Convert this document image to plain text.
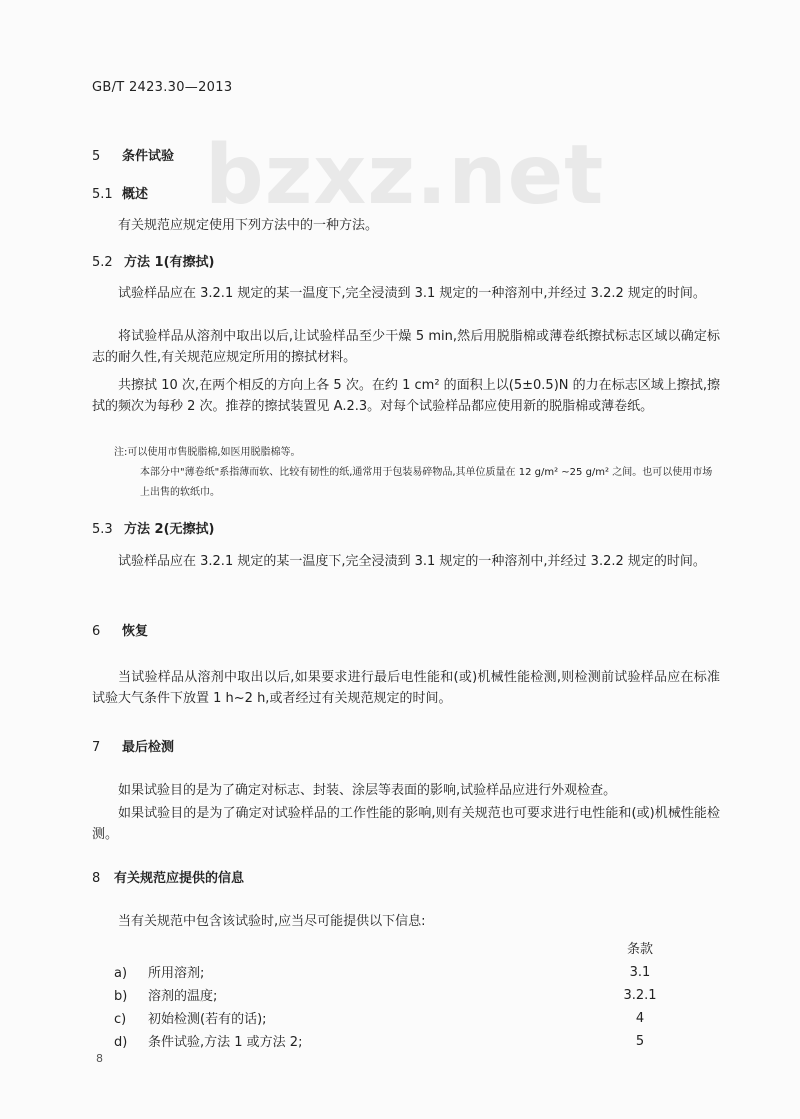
GB/T 2423.30—2013
bzxz.net
5 条件试验
5.1 概述
有关规范应规定使用下列方法中的一种方法。
5.2 方法 1(有擦拭)
试验样品应在 3.2.1 规定的某一温度下,完全浸渍到 3.1 规定的一种溶剂中,并经过 3.2.2 规定的时间。
将试验样品从溶剂中取出以后,让试验样品至少干燥 5 min,然后用脱脂棉或薄卷纸擦拭标志区域以确定标志的耐久性,有关规范应规定所用的擦拭材料。
共擦拭 10 次,在两个相反的方向上各 5 次。在约 1 cm² 的面积上以(5±0.5)N 的力在标志区域上擦拭,擦拭的频次为每秒 2 次。推荐的擦拭装置见 A.2.3。对每个试验样品都应使用新的脱脂棉或薄卷纸。
注:可以使用市售脱脂棉,如医用脱脂棉等。
本部分中"薄卷纸"系指薄而软、比较有韧性的纸,通常用于包装易碎物品,其单位质量在 12 g/m² ~25 g/m² 之间。也可以使用市场上出售的软纸巾。
5.3 方法 2(无擦拭)
试验样品应在 3.2.1 规定的某一温度下,完全浸渍到 3.1 规定的一种溶剂中,并经过 3.2.2 规定的时间。
6 恢复
当试验样品从溶剂中取出以后,如果要求进行最后电性能和(或)机械性能检测,则检测前试验样品应在标准试验大气条件下放置 1 h~2 h,或者经过有关规范规定的时间。
7 最后检测
如果试验目的是为了确定对标志、封装、涂层等表面的影响,试验样品应进行外观检查。
如果试验目的是为了确定对试验样品的工作性能的影响,则有关规范也可要求进行电性能和(或)机械性能检测。
8 有关规范应提供的信息
当有关规范中包含该试验时,应当尽可能提供以下信息:
条款
a) 所用溶剂;	3.1
b) 溶剂的温度;	3.2.1
c) 初始检测(若有的话);	4
d) 条件试验,方法 1 或方法 2;	5
8
